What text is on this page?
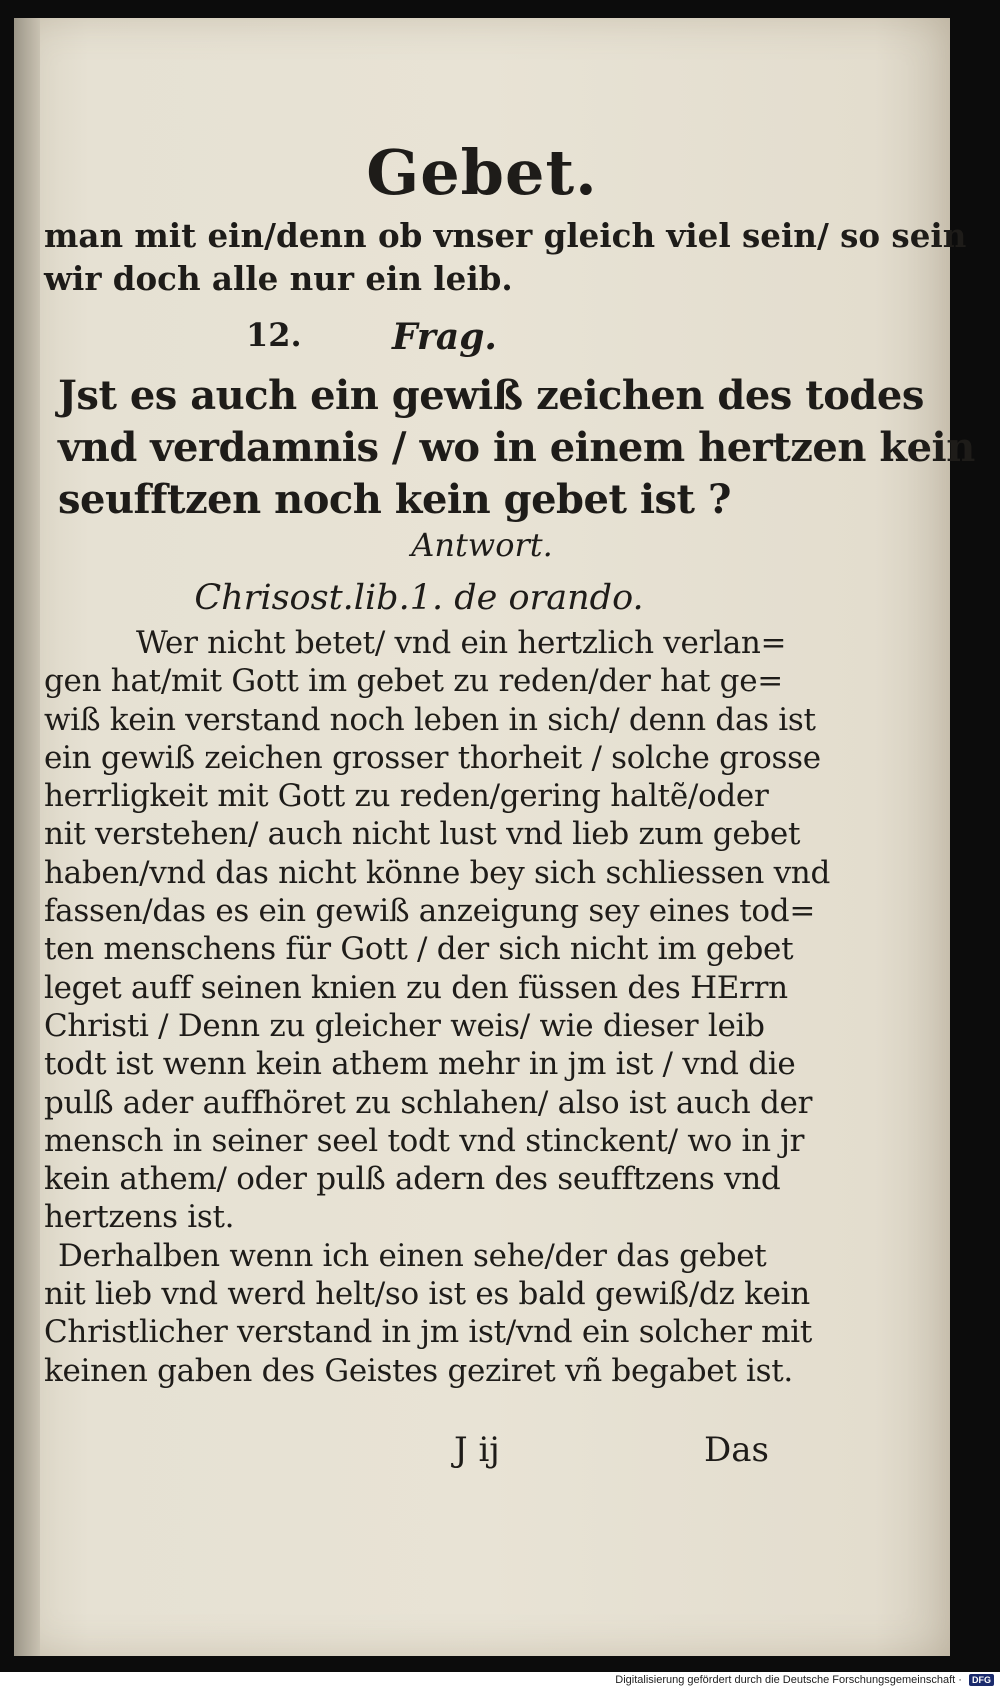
Gebet.
man mit ein/denn ob vnser gleich viel sein/ so sein
wir doch alle nur ein leib.
12.	Frag.
Jst es auch ein gewiß zeichen des todes
vnd verdamnis / wo in einem hertzen kein
seufftzen noch kein gebet ist ?
Antwort.
Chrisost.lib.1. de orando.
Wer nicht betet/ vnd ein hertzlich verlan=
gen hat/mit Gott im gebet zu reden/der hat ge=
wiß kein verstand noch leben in sich/ denn das ist
ein gewiß zeichen grosser thorheit / solche grosse
herrligkeit mit Gott zu reden/gering haltẽ/oder
nit verstehen/ auch nicht lust vnd lieb zum gebet
haben/vnd das nicht könne bey sich schliessen vnd
fassen/das es ein gewiß anzeigung sey eines tod=
ten menschens für Gott / der sich nicht im gebet
leget auff seinen knien zu den füssen des HErrn
Christi / Denn zu gleicher weis/ wie dieser leib
todt ist wenn kein athem mehr in jm ist / vnd die
pulß ader auffhöret zu schlahen/ also ist auch der
mensch in seiner seel todt vnd stinckent/ wo in jr
kein athem/ oder pulß adern des seufftzens vnd
hertzens ist.
Derhalben wenn ich einen sehe/der das gebet
nit lieb vnd werd helt/so ist es bald gewiß/dz kein
Christlicher verstand in jm ist/vnd ein solcher mit
keinen gaben des Geistes geziret vñ begabet ist.
J ij	Das
Digitalisierung gefördert durch die Deutsche Forschungsgemeinschaft · DFG
